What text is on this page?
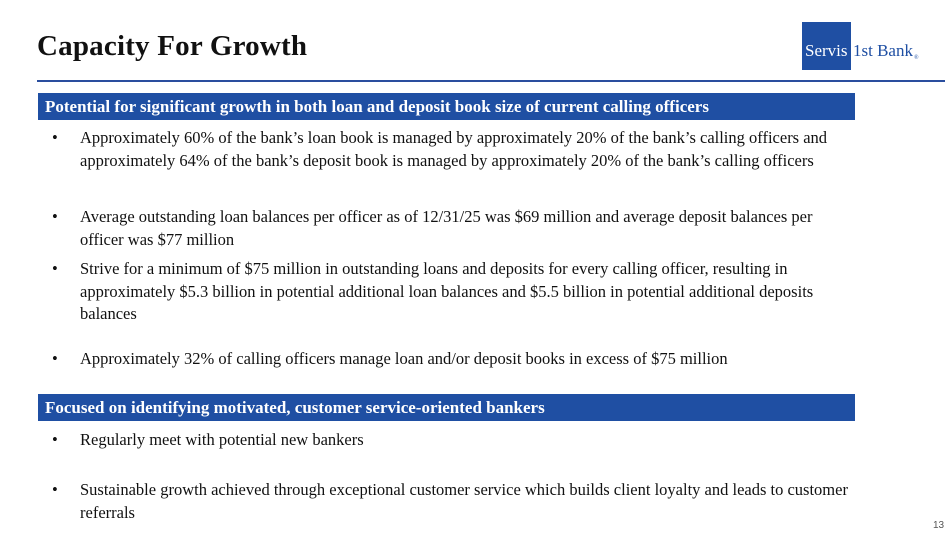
Capacity For Growth	Servis 1st Bank$_®$
Potential for significant growth in both loan and deposit book size of current calling officers
•	Approximately 60% of the bank’s loan book is managed by approximately 20% of the bank’s calling officers and approximately 64% of the bank’s deposit book is managed by approximately 20% of the bank’s calling officers
•	Average outstanding loan balances per officer as of 12/31/25 was $69 million and average deposit balances per officer was $77 million
•	Strive for a minimum of $75 million in outstanding loans and deposits for every calling officer, resulting in approximately $5.3 billion in potential additional loan balances and $5.5 billion in potential additional deposits balances
•	Approximately 32% of calling officers manage loan and/or deposit books in excess of $75 million
Focused on identifying motivated, customer service-oriented bankers
•	Regularly meet with potential new bankers
•	Sustainable growth achieved through exceptional customer service which builds client loyalty and leads to customer referrals
13
